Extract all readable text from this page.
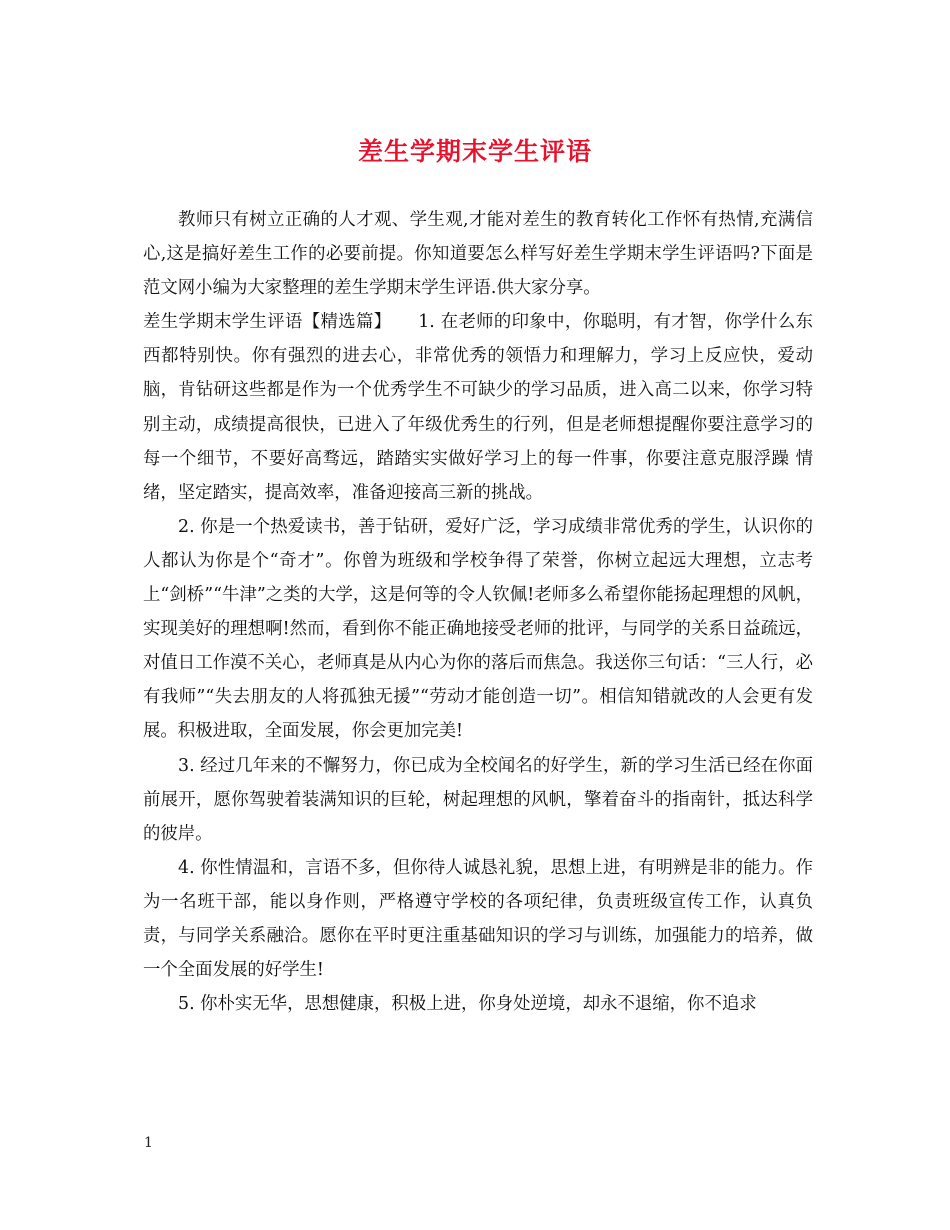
差生学期末学生评语

教师只有树立正确的人才观、学生观,才能对差生的教育转化工作怀有热情,充满信心,这是搞好差生工作的必要前提。你知道要怎么样写好差生学期末学生评语吗?下面是范文网小编为大家整理的差生学期末学生评语.供大家分享。

差生学期末学生评语【精选篇】　　1. 在老师的印象中，你聪明，有才智，你学什么东西都特别快。你有强烈的进去心，非常优秀的领悟力和理解力，学习上反应快，爱动脑，肯钻研这些都是作为一个优秀学生不可缺少的学习品质，进入高二以来，你学习特别主动，成绩提高很快，已进入了年级优秀生的行列，但是老师想提醒你要注意学习的每一个细节，不要好高骛远，踏踏实实做好学习上的每一件事，你要注意克服浮躁 情绪，坚定踏实，提高效率，准备迎接高三新的挑战。

2. 你是一个热爱读书，善于钻研，爱好广泛，学习成绩非常优秀的学生，认识你的人都认为你是个“奇才”。你曾为班级和学校争得了荣誉，你树立起远大理想，立志考上“剑桥”“牛津”之类的大学，这是何等的令人钦佩!老师多么希望你能扬起理想的风帆，实现美好的理想啊!然而，看到你不能正确地接受老师的批评，与同学的关系日益疏远，对值日工作漠不关心，老师真是从内心为你的落后而焦急。我送你三句话：“三人行，必有我师”“失去朋友的人将孤独无援”“劳动才能创造一切”。相信知错就改的人会更有发展。积极进取，全面发展，你会更加完美!

3. 经过几年来的不懈努力，你已成为全校闻名的好学生，新的学习生活已经在你面前展开，愿你驾驶着装满知识的巨轮，树起理想的风帆，擎着奋斗的指南针，抵达科学的彼岸。

4. 你性情温和，言语不多，但你待人诚恳礼貌，思想上进，有明辨是非的能力。作为一名班干部，能以身作则，严格遵守学校的各项纪律，负责班级宣传工作，认真负责，与同学关系融洽。愿你在平时更注重基础知识的学习与训练，加强能力的培养，做一个全面发展的好学生!

5. 你朴实无华，思想健康，积极上进，你身处逆境，却永不退缩，你不追求

1
